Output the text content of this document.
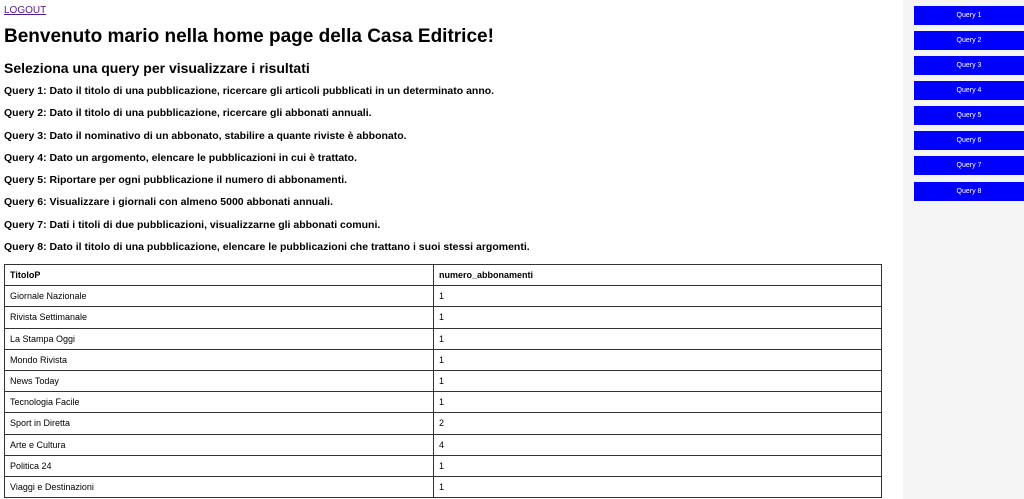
LOGOUT
Benvenuto mario nella home page della Casa Editrice!
Seleziona una query per visualizzare i risultati
Query 1: Dato il titolo di una pubblicazione, ricercare gli articoli pubblicati in un determinato anno.
Query 2: Dato il titolo di una pubblicazione, ricercare gli abbonati annuali.
Query 3: Dato il nominativo di un abbonato, stabilire a quante riviste è abbonato.
Query 4: Dato un argomento, elencare le pubblicazioni in cui è trattato.
Query 5: Riportare per ogni pubblicazione il numero di abbonamenti.
Query 6: Visualizzare i giornali con almeno 5000 abbonati annuali.
Query 7: Dati i titoli di due pubblicazioni, visualizzarne gli abbonati comuni.
Query 8: Dato il titolo di una pubblicazione, elencare le pubblicazioni che trattano i suoi stessi argomenti.
TitoloP	numero_abbonamenti
Giornale Nazionale	1
Rivista Settimanale	1
La Stampa Oggi	1
Mondo Rivista	1
News Today	1
Tecnologia Facile	1
Sport in Diretta	2
Arte e Cultura	4
Politica 24	1
Viaggi e Destinazioni	1
Query 1
Query 2
Query 3
Query 4
Query 5
Query 6
Query 7
Query 8
